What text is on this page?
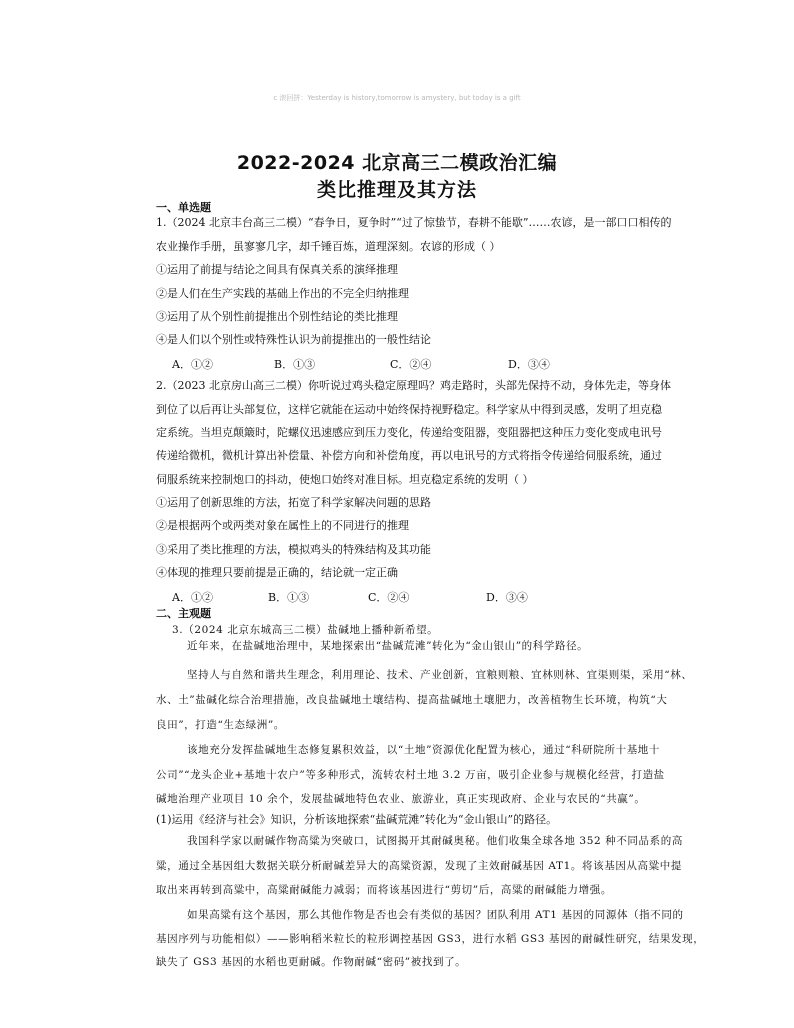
c 滚回拼：Yesterday is history,tomorrow is amystery, but today is a gift
2022-2024 北京高三二模政治汇编
类比推理及其方法
一、单选题
1.（2024 北京丰台高三二模）“春争日，夏争时”“过了惊蛰节，春耕不能歇”……农谚，是一部口口相传的
农业操作手册，虽寥寥几字，却千锤百炼，道理深刻。农谚的形成（ ）
①运用了前提与结论之间具有保真关系的演绎推理
②是人们在生产实践的基础上作出的不完全归纳推理
③运用了从个别性前提推出个别性结论的类比推理
④是人们以个别性或特殊性认识为前提推出的一般性结论
A．①②	B．①③	C．②④	D．③④
2.（2023 北京房山高三二模）你听说过鸡头稳定原理吗？鸡走路时，头部先保持不动，身体先走，等身体
到位了以后再让头部复位，这样它就能在运动中始终保持视野稳定。科学家从中得到灵感，发明了坦克稳
定系统。当坦克颠簸时，陀螺仪迅速感应到压力变化，传递给变阻器，变阻器把这种压力变化变成电讯号
传递给微机，微机计算出补偿量、补偿方向和补偿角度，再以电讯号的方式将指令传递给伺服系统，通过
伺服系统来控制炮口的抖动，使炮口始终对准目标。坦克稳定系统的发明（ ）
①运用了创新思维的方法，拓宽了科学家解决问题的思路
②是根据两个或两类对象在属性上的不同进行的推理
③采用了类比推理的方法，模拟鸡头的特殊结构及其功能
④体现的推理只要前提是正确的，结论就一定正确
A．①②	B．①③	C．②④	D．③④
二、主观题
3.（2024 北京东城高三二模）盐碱地上播种新希望。
近年来，在盐碱地治理中，某地探索出“盐碱荒滩”转化为“金山银山”的科学路径。
坚持人与自然和谐共生理念，利用理论、技术、产业创新，宜粮则粮、宜林则林、宜渠则渠，采用“林、
水、土”盐碱化综合治理措施，改良盐碱地土壤结构、提高盐碱地土壤肥力，改善植物生长环境，构筑“大
良田”，打造“生态绿洲”。
该地充分发挥盐碱地生态修复累积效益，以“土地”资源优化配置为核心，通过“科研院所十基地十
公司”“龙头企业+基地十农户”等多种形式，流转农村土地 3.2 万亩，吸引企业参与规模化经营，打造盐
碱地治理产业项目 10 余个，发展盐碱地特色农业、旅游业，真正实现政府、企业与农民的“共赢”。
(1)运用《经济与社会》知识，分析该地探索“盐碱荒滩”转化为“金山银山”的路径。
我国科学家以耐碱作物高粱为突破口，试图揭开其耐碱奥秘。他们收集全球各地 352 种不同品系的高
粱，通过全基因组大数据关联分析耐碱差异大的高粱资源，发现了主效耐碱基因 AT1。将该基因从高粱中提
取出来再转到高粱中，高粱耐碱能力减弱；而将该基因进行“剪切”后，高粱的耐碱能力增强。
如果高粱有这个基因，那么其他作物是否也会有类似的基因？团队利用 AT1 基因的同源体（指不同的
基因序列与功能相似）——影响稻米粒长的粒形调控基因 GS3，进行水稻 GS3 基因的耐碱性研究，结果发现，
缺失了 GS3 基因的水稻也更耐碱。作物耐碱“密码”被找到了。
